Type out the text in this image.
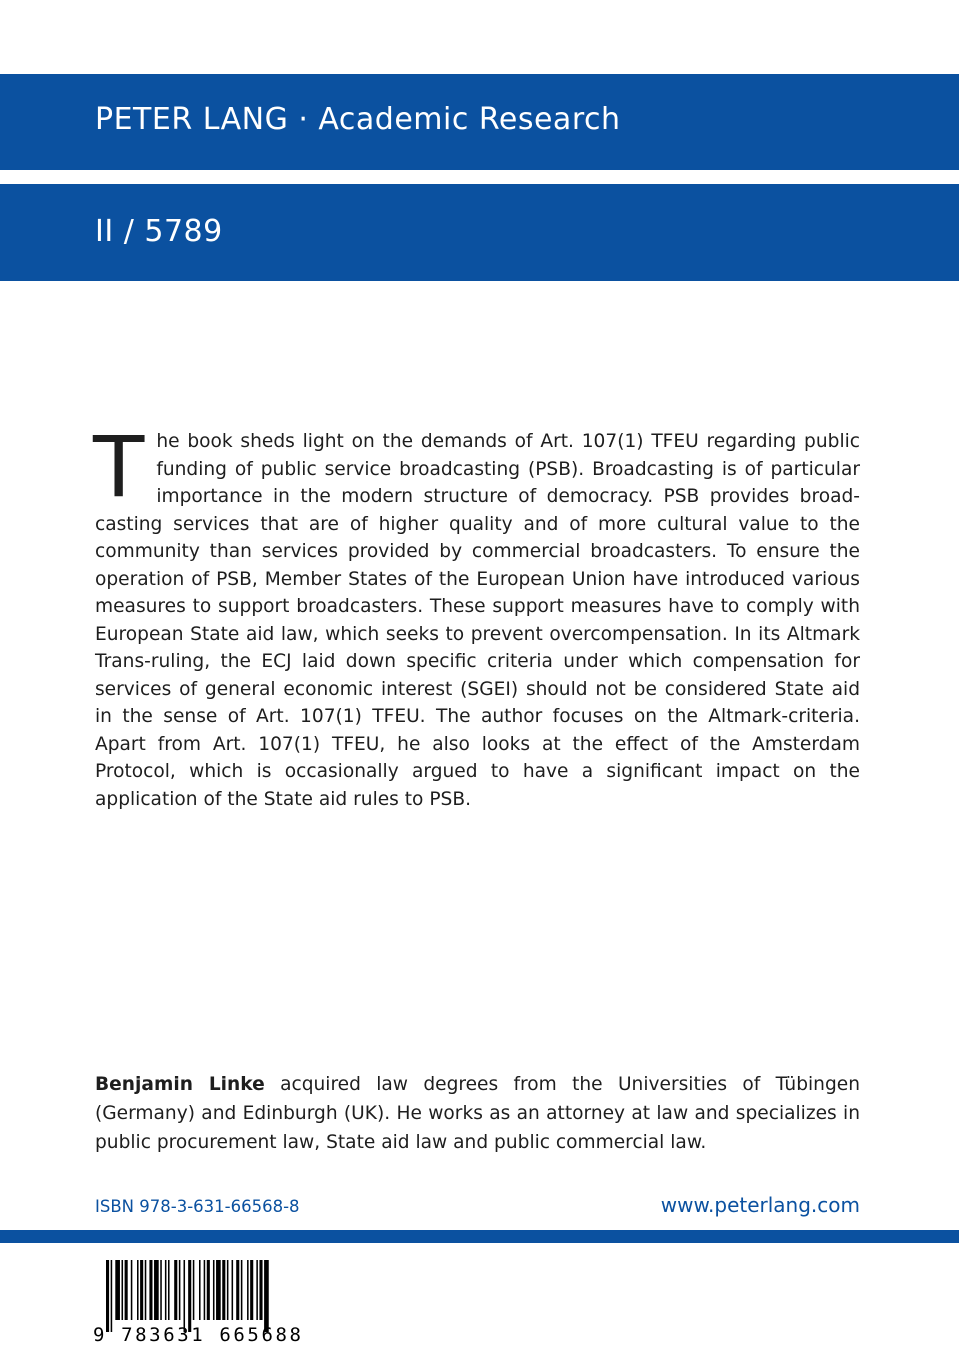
PETER LANG · Academic Research
II / 5789
The book sheds light on the demands of Art. 107(1) TFEU regarding public funding of public service broadcasting (PSB). Broadcasting is of particular importance in the modern structure of democracy. PSB provides broadcasting services that are of higher quality and of more cultural value to the community than services provided by commercial broadcasters. To ensure the operation of PSB, Member States of the European Union have introduced various measures to support broadcasters. These support measures have to comply with European State aid law, which seeks to prevent overcompensation. In its Altmark Trans-ruling, the ECJ laid down specific criteria under which compensation for services of general economic interest (SGEI) should not be considered State aid in the sense of Art. 107(1) TFEU. The author focuses on the Altmark-criteria. Apart from Art. 107(1) TFEU, he also looks at the effect of the Amsterdam Protocol, which is occasionally argued to have a significant impact on the application of the State aid rules to PSB.
Benjamin Linke acquired law degrees from the Universities of Tübingen (Germany) and Edinburgh (UK). He works as an attorney at law and specializes in public procurement law, State aid law and public commercial law.
ISBN 978-3-631-66568-8	www.peterlang.com
9 783631 665688
